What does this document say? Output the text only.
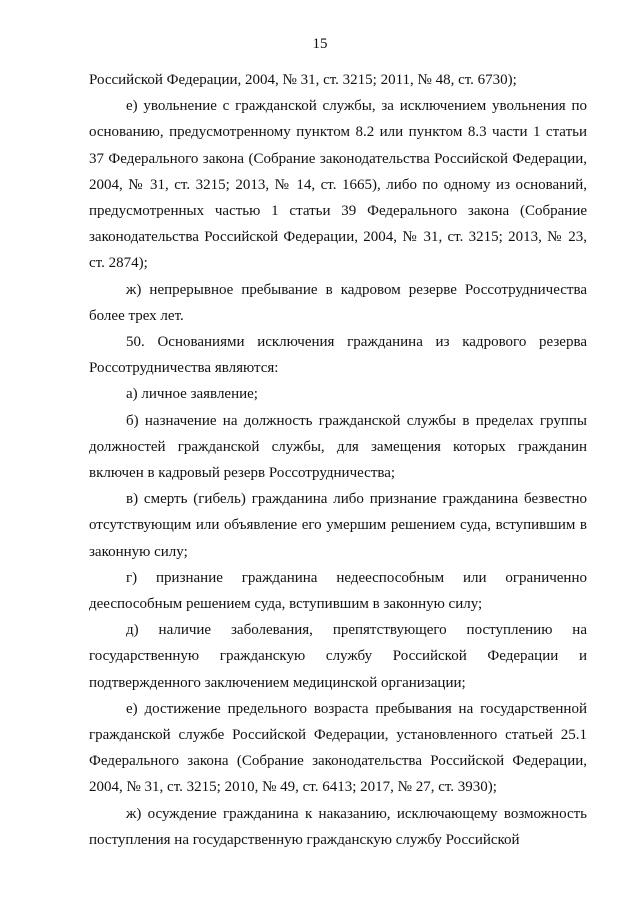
15

Российской Федерации, 2004, № 31, ст. 3215; 2011, № 48, ст. 6730);

е) увольнение с гражданской службы, за исключением увольнения по основанию, предусмотренному пунктом 8.2 или пунктом 8.3 части 1 статьи 37 Федерального закона (Собрание законодательства Российской Федерации, 2004, № 31, ст. 3215; 2013, № 14, ст. 1665), либо по одному из оснований, предусмотренных частью 1 статьи 39 Федерального закона (Собрание законодательства Российской Федерации, 2004, № 31, ст. 3215; 2013, № 23, ст. 2874);

ж) непрерывное пребывание в кадровом резерве Россотрудничества более трех лет.

50. Основаниями исключения гражданина из кадрового резерва Россотрудничества являются:

а) личное заявление;

б) назначение на должность гражданской службы в пределах группы должностей гражданской службы, для замещения которых гражданин включен в кадровый резерв Россотрудничества;

в) смерть (гибель) гражданина либо признание гражданина безвестно отсутствующим или объявление его умершим решением суда, вступившим в законную силу;

г) признание гражданина недееспособным или ограниченно дееспособным решением суда, вступившим в законную силу;

д) наличие заболевания, препятствующего поступлению на государственную гражданскую службу Российской Федерации и подтвержденного заключением медицинской организации;

е) достижение предельного возраста пребывания на государственной гражданской службе Российской Федерации, установленного статьей 25.1 Федерального закона (Собрание законодательства Российской Федерации, 2004, № 31, ст. 3215; 2010, № 49, ст. 6413; 2017, № 27, ст. 3930);

ж) осуждение гражданина к наказанию, исключающему возможность поступления на государственную гражданскую службу Российской
